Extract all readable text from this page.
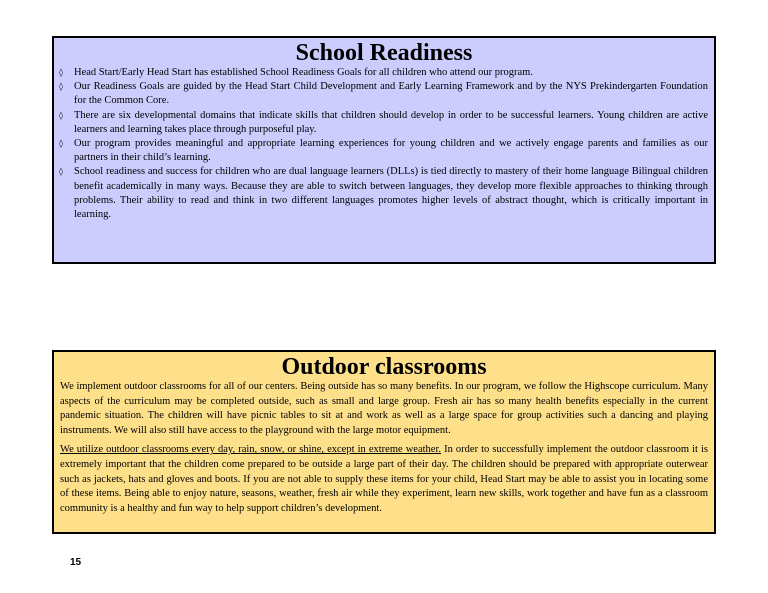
School Readiness
◊ Head Start/Early Head Start has established School Readiness Goals for all children who attend our program.
◊ Our Readiness Goals are guided by the Head Start Child Development and Early Learning Framework and by the NYS Prekindergarten Foundation for the Common Core.
◊ There are six developmental domains that indicate skills that children should develop in order to be successful learners. Young children are active learners and learning takes place through purposeful play.
◊ Our program provides meaningful and appropriate learning experiences for young children and we actively engage parents and families as our partners in their child’s learning.
◊ School readiness and success for children who are dual language learners (DLLs) is tied directly to mastery of their home language Bilingual children benefit academically in many ways. Because they are able to switch between languages, they develop more flexible approaches to thinking through problems. Their ability to read and think in two different languages promotes higher levels of abstract thought, which is critically important in learning.
Outdoor classrooms

We implement outdoor classrooms for all of our centers. Being outside has so many benefits. In our program, we follow the Highscope curriculum. Many aspects of the curriculum may be completed outside, such as small and large group. Fresh air has so many health benefits especially in the current pandemic situation. The children will have picnic tables to sit at and work as well as a large space for group activities such a dancing and playing instruments. We will also still have access to the playground with the large motor equipment.

We utilize outdoor classrooms every day, rain, snow, or shine, except in extreme weather. In order to successfully implement the outdoor classroom it is extremely important that the children come prepared to be outside a large part of their day. The children should be prepared with appropriate outerwear such as jackets, hats and gloves and boots. If you are not able to supply these items for your child, Head Start may be able to assist you in locating some of these items. Being able to enjoy nature, seasons, weather, fresh air while they experiment, learn new skills, work together and have fun as a classroom community is a healthy and fun way to help support children’s development.

15
